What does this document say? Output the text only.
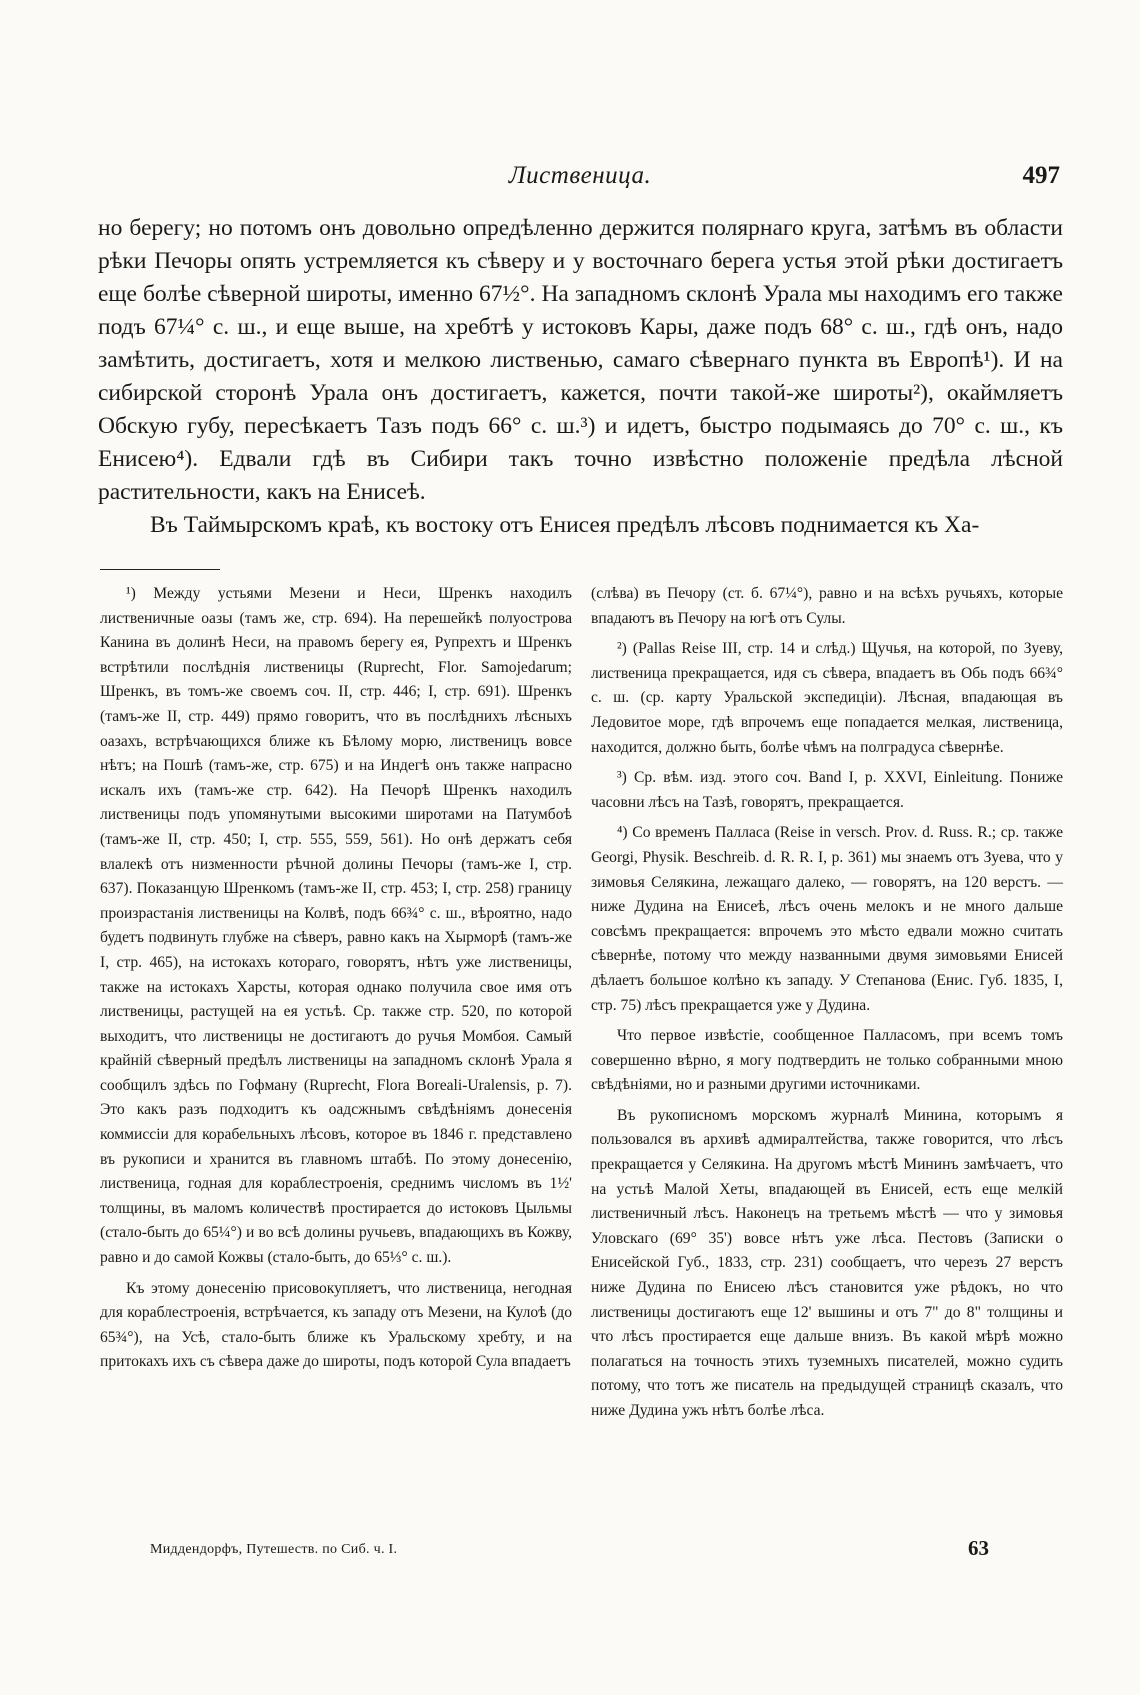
Лиственица.	497

но берегу; но потомъ онъ довольно опредѣленно держится полярнаго круга, затѣмъ въ области рѣки Печоры опять устремляется къ сѣверу и у восточнаго берега устья этой рѣки достигаетъ еще болѣе сѣверной широты, именно 67½°. На западномъ склонѣ Урала мы находимъ его также подъ 67¼° с. ш., и еще выше, на хребтѣ у истоковъ Кары, даже подъ 68° с. ш., гдѣ онъ, надо замѣтить, достигаетъ, хотя и мелкою лиственью, самаго сѣвернаго пункта въ Европѣ¹). И на сибирской сторонѣ Урала онъ достигаетъ, кажется, почти такой-же широты²), окаймляетъ Обскую губу, пересѣкаетъ Тазъ подъ 66° с. ш.³) и идетъ, быстро подымаясь до 70° с. ш., къ Енисею⁴). Едвали гдѣ въ Сибири такъ точно извѣстно положеніе предѣла лѣсной растительности, какъ на Енисеѣ.

Въ Таймырскомъ краѣ, къ востоку отъ Енисея предѣлъ лѣсовъ поднимается къ Ха-

¹) Между устьями Мезени и Неси, Шренкъ находилъ лиственичные оазы (тамъ же, стр. 694). На перешейкѣ полуострова Канина въ долинѣ Неси, на правомъ берегу ея, Рупрехтъ и Шренкъ встрѣтили послѣднія лиственицы (Ruprecht, Flor. Samojedarum; Шренкъ, въ томъ-же своемъ соч. II, стр. 446; I, стр. 691). Шренкъ (тамъ-же II, стр. 449) прямо говоритъ, что въ послѣднихъ лѣсныхъ оазахъ, встрѣчающихся ближе къ Бѣлому морю, лиственицъ вовсе нѣтъ; на Пошѣ (тамъ-же, стр. 675) и на Индегѣ онъ также напрасно искалъ ихъ (тамъ-же стр. 642). На Печорѣ Шренкъ находилъ лиственицы подъ упомянутыми высокими широтами на Патумбоѣ (тамъ-же II, стр. 450; I, стр. 555, 559, 561). Но онѣ держатъ себя влалекѣ отъ низменности рѣчной долины Печоры (тамъ-же I, стр. 637). Показанцую Шренкомъ (тамъ-же II, стр. 453; I, стр. 258) границу произрастанія лиственицы на Колвѣ, подъ 66¾° с. ш., вѣроятно, надо будетъ подвинуть глубже на сѣверъ, равно какъ на Хырморѣ (тамъ-же I, стр. 465), на истокахъ котораго, говорятъ, нѣтъ уже лиственицы, также на истокахъ Харсты, которая однако получила свое имя отъ лиственицы, растущей на ея устьѣ. Ср. также стр. 520, по которой выходитъ, что лиственицы не достигаютъ до ручья Момбоя. Самый крайній сѣверный предѣлъ лиственицы на западномъ склонѣ Урала я сообщилъ здѣсь по Гофману (Ruprecht, Flora Boreali-Uralensis, p. 7). Это какъ разъ подходитъ къ оадсжнымъ свѣдѣніямъ донесенія коммиссіи для корабельныхъ лѣсовъ, которое въ 1846 г. представлено въ рукописи и хранится въ главномъ штабѣ. По этому донесенію, лиственица, годная для кораблестроенія, среднимъ числомъ въ 1½' толщины, въ маломъ количествѣ простирается до истоковъ Цыльмы (стало-быть до 65¼°) и во всѣ долины ручьевъ, впадающихъ въ Кожву, равно и до самой Кожвы (стало-быть, до 65⅓° с. ш.).

Къ этому донесенію присовокупляетъ, что лиственица, негодная для кораблестроенія, встрѣчается, къ западу отъ Мезени, на Кулоѣ (до 65¾°), на Усѣ, стало-быть ближе къ Уральскому хребту, и на притокахъ ихъ съ сѣвера даже до широты, подъ которой Сула впадаетъ

(слѣва) въ Печору (ст. б. 67¼°), равно и на всѣхъ ручьяхъ, которые впадаютъ въ Печору на югѣ отъ Сулы.

²) (Pallas Reise III, стр. 14 и слѣд.) Щучья, на которой, по Зуеву, лиственица прекращается, идя съ сѣвера, впадаетъ въ Обь подъ 66¾° с. ш. (ср. карту Уральской экспедиціи). Лѣсная, впадающая въ Ледовитое море, гдѣ впрочемъ еще попадается мелкая, лиственица, находится, должно быть, болѣе чѣмъ на полградуса сѣвернѣе.

³) Ср. вѣм. изд. этого соч. Band I, p. XXVI, Einleitung. Пониже часовни лѣсъ на Тазѣ, говорятъ, прекращается.

⁴) Со временъ Палласа (Reise in versch. Prov. d. Russ. R.; ср. также Georgi, Physik. Beschreib. d. R. R. I, p. 361) мы знаемъ отъ Зуева, что у зимовья Селякина, лежащаго далеко, — говорятъ, на 120 верстъ. — ниже Дудина на Енисеѣ, лѣсъ очень мелокъ и не много дальше совсѣмъ прекращается: впрочемъ это мѣсто едвали можно считать сѣвернѣе, потому что между названными двумя зимовьями Енисей дѣлаетъ большое колѣно къ западу. У Степанова (Енис. Губ. 1835, I, стр. 75) лѣсъ прекращается уже у Дудина.

Что первое извѣстіе, сообщенное Палласомъ, при всемъ томъ совершенно вѣрно, я могу подтвердить не только собранными мною свѣдѣніями, но и разными другими источниками.

Въ рукописномъ морскомъ журналѣ Минина, которымъ я пользовался въ архивѣ адмиралтейства, также говорится, что лѣсъ прекращается у Селякина. На другомъ мѣстѣ Мининъ замѣчаетъ, что на устьѣ Малой Хеты, впадающей въ Енисей, есть еще мелкій лиственичный лѣсъ. Наконецъ на третьемъ мѣстѣ — что у зимовья Уловскаго (69° 35') вовсе нѣтъ уже лѣса. Пестовъ (Записки о Енисейской Губ., 1833, стр. 231) сообщаетъ, что черезъ 27 верстъ ниже Дудина по Енисею лѣсъ становится уже рѣдокъ, но что лиственицы достигаютъ еще 12' вышины и отъ 7" до 8" толщины и что лѣсъ простирается еще дальше внизъ. Въ какой мѣрѣ можно полагаться на точность этихъ туземныхъ писателей, можно судить потому, что тотъ же писатель на предыдущей страницѣ сказалъ, что ниже Дудина ужъ нѣтъ болѣе лѣса.

Миддендорфъ, Путешеств. по Сиб. ч. I.	63
